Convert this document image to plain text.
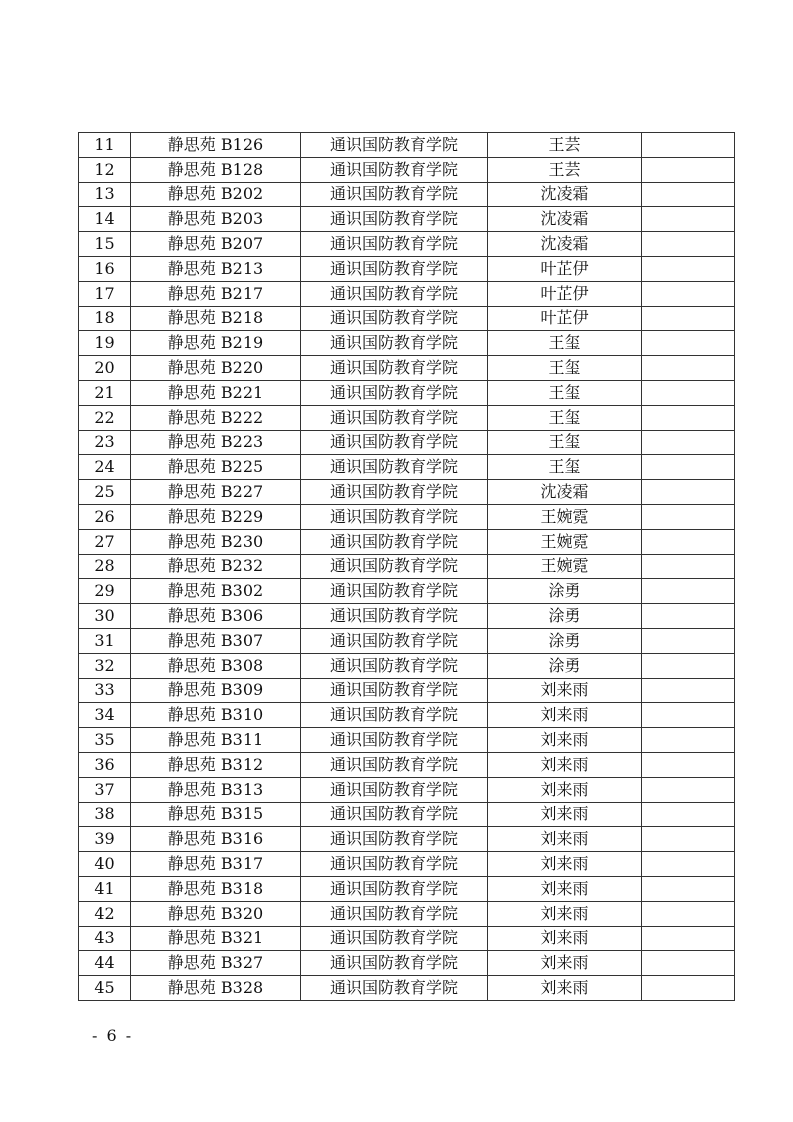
11	静思苑 B126	通识国防教育学院	王芸	
12	静思苑 B128	通识国防教育学院	王芸	
13	静思苑 B202	通识国防教育学院	沈凌霜	
14	静思苑 B203	通识国防教育学院	沈凌霜	
15	静思苑 B207	通识国防教育学院	沈凌霜	
16	静思苑 B213	通识国防教育学院	叶芷伊	
17	静思苑 B217	通识国防教育学院	叶芷伊	
18	静思苑 B218	通识国防教育学院	叶芷伊	
19	静思苑 B219	通识国防教育学院	王玺	
20	静思苑 B220	通识国防教育学院	王玺	
21	静思苑 B221	通识国防教育学院	王玺	
22	静思苑 B222	通识国防教育学院	王玺	
23	静思苑 B223	通识国防教育学院	王玺	
24	静思苑 B225	通识国防教育学院	王玺	
25	静思苑 B227	通识国防教育学院	沈凌霜	
26	静思苑 B229	通识国防教育学院	王婉霓	
27	静思苑 B230	通识国防教育学院	王婉霓	
28	静思苑 B232	通识国防教育学院	王婉霓	
29	静思苑 B302	通识国防教育学院	涂勇	
30	静思苑 B306	通识国防教育学院	涂勇	
31	静思苑 B307	通识国防教育学院	涂勇	
32	静思苑 B308	通识国防教育学院	涂勇	
33	静思苑 B309	通识国防教育学院	刘来雨	
34	静思苑 B310	通识国防教育学院	刘来雨	
35	静思苑 B311	通识国防教育学院	刘来雨	
36	静思苑 B312	通识国防教育学院	刘来雨	
37	静思苑 B313	通识国防教育学院	刘来雨	
38	静思苑 B315	通识国防教育学院	刘来雨	
39	静思苑 B316	通识国防教育学院	刘来雨	
40	静思苑 B317	通识国防教育学院	刘来雨	
41	静思苑 B318	通识国防教育学院	刘来雨	
42	静思苑 B320	通识国防教育学院	刘来雨	
43	静思苑 B321	通识国防教育学院	刘来雨	
44	静思苑 B327	通识国防教育学院	刘来雨	
45	静思苑 B328	通识国防教育学院	刘来雨	
- 6 -
